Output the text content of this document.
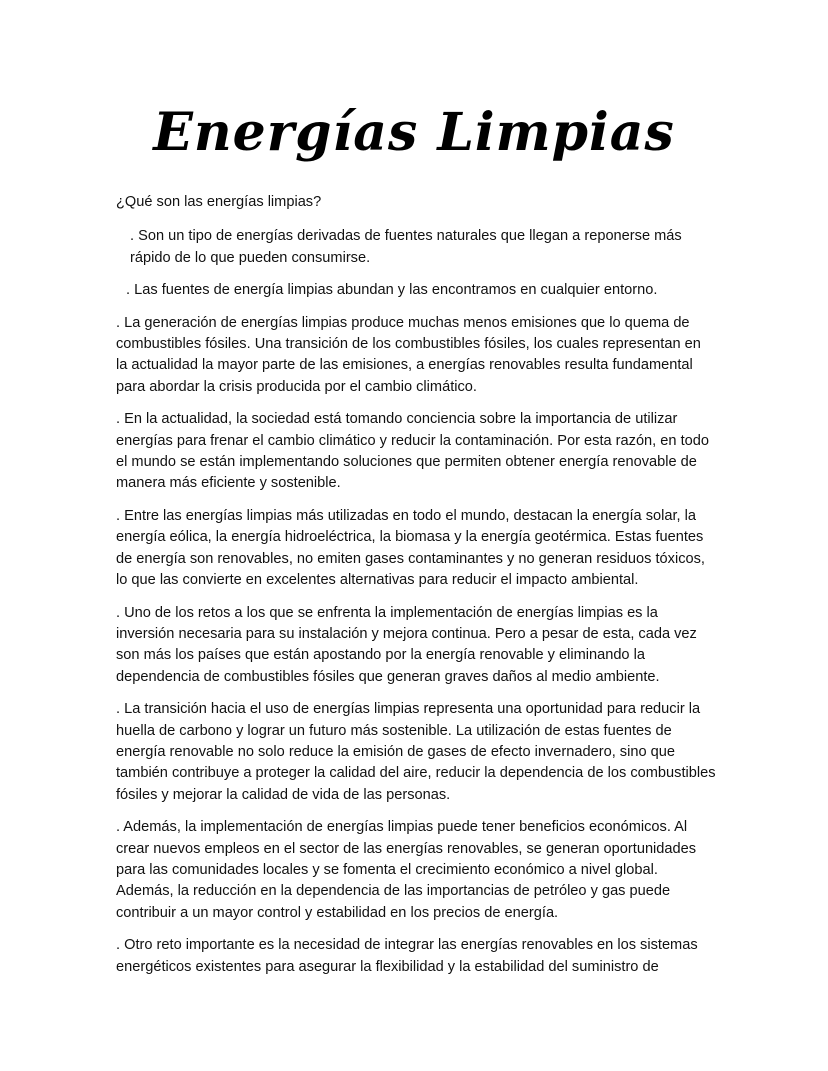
Energías Limpias

¿Qué son las energías limpias?

. Son un tipo de energías derivadas de fuentes naturales que llegan a reponerse más rápido de lo que pueden consumirse.

. Las fuentes de energía limpias abundan y las encontramos en cualquier entorno.

. La generación de energías limpias produce muchas menos emisiones que lo quema de combustibles fósiles. Una transición de los combustibles fósiles, los cuales representan en la actualidad la mayor parte de las emisiones, a energías renovables resulta fundamental para abordar la crisis producida por el cambio climático.

. En la actualidad, la sociedad está tomando conciencia sobre la importancia de utilizar energías para frenar el cambio climático y reducir la contaminación. Por esta razón, en todo el mundo se están implementando soluciones que permiten obtener energía renovable de manera más eficiente y sostenible.

. Entre las energías limpias más utilizadas en todo el mundo, destacan la energía solar, la energía eólica, la energía hidroeléctrica, la biomasa y la energía geotérmica. Estas fuentes de energía son renovables, no emiten gases contaminantes y no generan residuos tóxicos, lo que las convierte en excelentes alternativas para reducir el impacto ambiental.

. Uno de los retos a los que se enfrenta la implementación de energías limpias es la inversión necesaria para su instalación y mejora continua. Pero a pesar de esta, cada vez son más los países que están apostando por la energía renovable y eliminando la dependencia de combustibles fósiles que generan graves daños al medio ambiente.

. La transición hacia el uso de energías limpias representa una oportunidad para reducir la huella de carbono y lograr un futuro más sostenible. La utilización de estas fuentes de energía renovable no solo reduce la emisión de gases de efecto invernadero, sino que también contribuye a proteger la calidad del aire, reducir la dependencia de los combustibles fósiles y mejorar la calidad de vida de las personas.

. Además, la implementación de energías limpias puede tener beneficios económicos. Al crear nuevos empleos en el sector de las energías renovables, se generan oportunidades para las comunidades locales y se fomenta el crecimiento económico a nivel global. Además, la reducción en la dependencia de las importancias de petróleo y gas puede contribuir a un mayor control y estabilidad en los precios de energía.

. Otro reto importante es la necesidad de integrar las energías renovables en los sistemas energéticos existentes para asegurar la flexibilidad y la estabilidad del suministro de
